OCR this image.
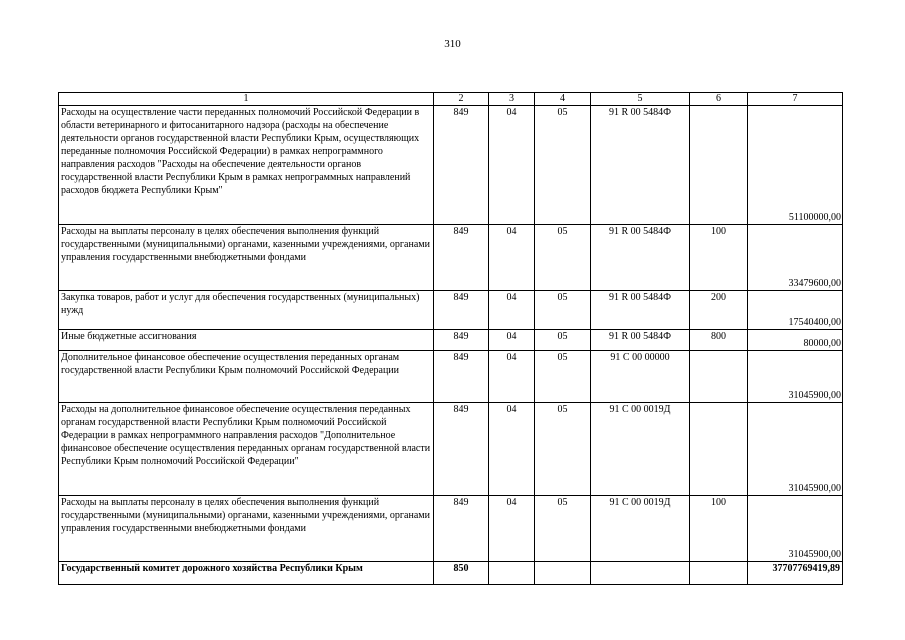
310
1	2	3	4	5	6	7
Расходы на осуществление части переданных полномочий Российской Федерации в области ветеринарного и фитосанитарного надзора (расходы на обеспечение деятельности органов государственной власти Республики Крым, осуществляющих переданные полномочия Российской Федерации) в рамках непрограммного направления расходов "Расходы на обеспечение деятельности органов государственной власти Республики Крым в рамках непрограммных направлений расходов бюджета Республики Крым"	849	04	05	91 R 00 5484Ф		51100000,00
Расходы на выплаты персоналу в целях обеспечения выполнения функций государственными (муниципальными) органами, казенными учреждениями, органами управления государственными внебюджетными фондами	849	04	05	91 R 00 5484Ф	100	33479600,00
Закупка товаров, работ и услуг для обеспечения государственных (муниципальных) нужд	849	04	05	91 R 00 5484Ф	200	17540400,00
Иные бюджетные ассигнования	849	04	05	91 R 00 5484Ф	800	80000,00
Дополнительное финансовое обеспечение осуществления переданных органам государственной власти Республики Крым полномочий Российской Федерации	849	04	05	91 С 00 00000		31045900,00
Расходы на дополнительное финансовое обеспечение осуществления переданных органам государственной власти Республики Крым полномочий Российской Федерации в рамках непрограммного направления расходов "Дополнительное финансовое обеспечение осуществления переданных органам государственной власти Республики Крым полномочий Российской Федерации"	849	04	05	91 С 00 0019Д		31045900,00
Расходы на выплаты персоналу в целях обеспечения выполнения функций государственными (муниципальными) органами, казенными учреждениями, органами управления государственными внебюджетными фондами	849	04	05	91 С 00 0019Д	100	31045900,00
Государственный комитет дорожного хозяйства Республики Крым	850					37707769419,89
